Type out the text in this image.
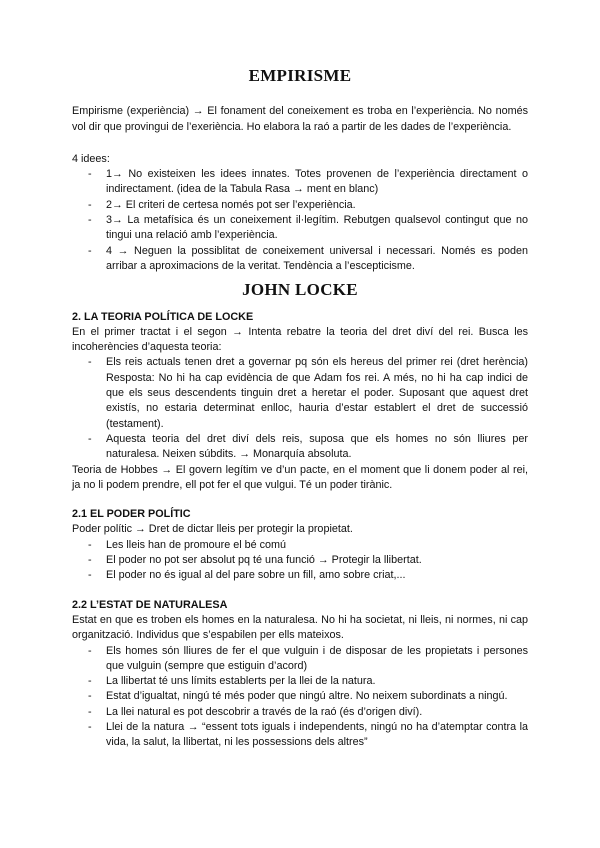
EMPIRISME

Empirisme (experiència) → El fonament del coneixement es troba en l’experiència. No només vol dir que provingui de l’exeriència. Ho elabora la raó a partir de les dades de l’experiència.

4 idees:

- 1→ No existeixen les idees innates. Totes provenen de l’experiència directament o indirectament. (idea de la Tabula Rasa → ment en blanc)
- 2→ El criteri de certesa només pot ser l’experiència.
- 3→ La metafísica és un coneixement il·legítim. Rebutgen qualsevol contingut que no tingui una relació amb l’experiència.
- 4 → Neguen la possiblitat de coneixement universal i necessari. Només es poden arribar a aproximacions de la veritat. Tendència a l’escepticisme.
JOHN LOCKE

2. LA TEORIA POLÍTICA DE LOCKE

En el primer tractat i el segon → Intenta rebatre la teoria del dret diví del rei. Busca les incoherències d’aquesta teoria:

- Els reis actuals tenen dret a governar pq són els hereus del primer rei (dret herència) Resposta: No hi ha cap evidència de que Adam fos rei. A més, no hi ha cap indici de que els seus descendents tinguin dret a heretar el poder. Suposant que aquest dret existís, no estaria determinat enlloc, hauria d’estar establert el dret de successió (testament).
- Aquesta teoria del dret diví dels reis, suposa que els homes no són lliures per naturalesa. Neixen súbdits. → Monarquía absoluta.

Teoria de Hobbes → El govern legítim ve d’un pacte, en el moment que li donem poder al rei, ja no li podem prendre, ell pot fer el que vulgui. Té un poder tirànic.

2.1 EL PODER POLÍTIC

Poder polític → Dret de dictar lleis per protegir la propietat.

- Les lleis han de promoure el bé comú
- El poder no pot ser absolut pq té una funció → Protegir la llibertat.
- El poder no és igual al del pare sobre un fill, amo sobre criat,...

2.2 L’ESTAT DE NATURALESA

Estat en que es troben els homes en la naturalesa. No hi ha societat, ni lleis, ni normes, ni cap organització. Individus que s’espabilen per ells mateixos.

- Els homes són lliures de fer el que vulguin i de disposar de les propietats i persones que vulguin (sempre que estiguin d’acord)
- La llibertat té uns límits establerts per la llei de la natura.
- Estat d’igualtat, ningú té més poder que ningú altre. No neixem subordinats a ningú.
- La llei natural es pot descobrir a través de la raó (és d’origen diví).
- Llei de la natura → “essent tots iguals i independents, ningú no ha d’atemptar contra la vida, la salut, la llibertat, ni les possessions dels altres”
